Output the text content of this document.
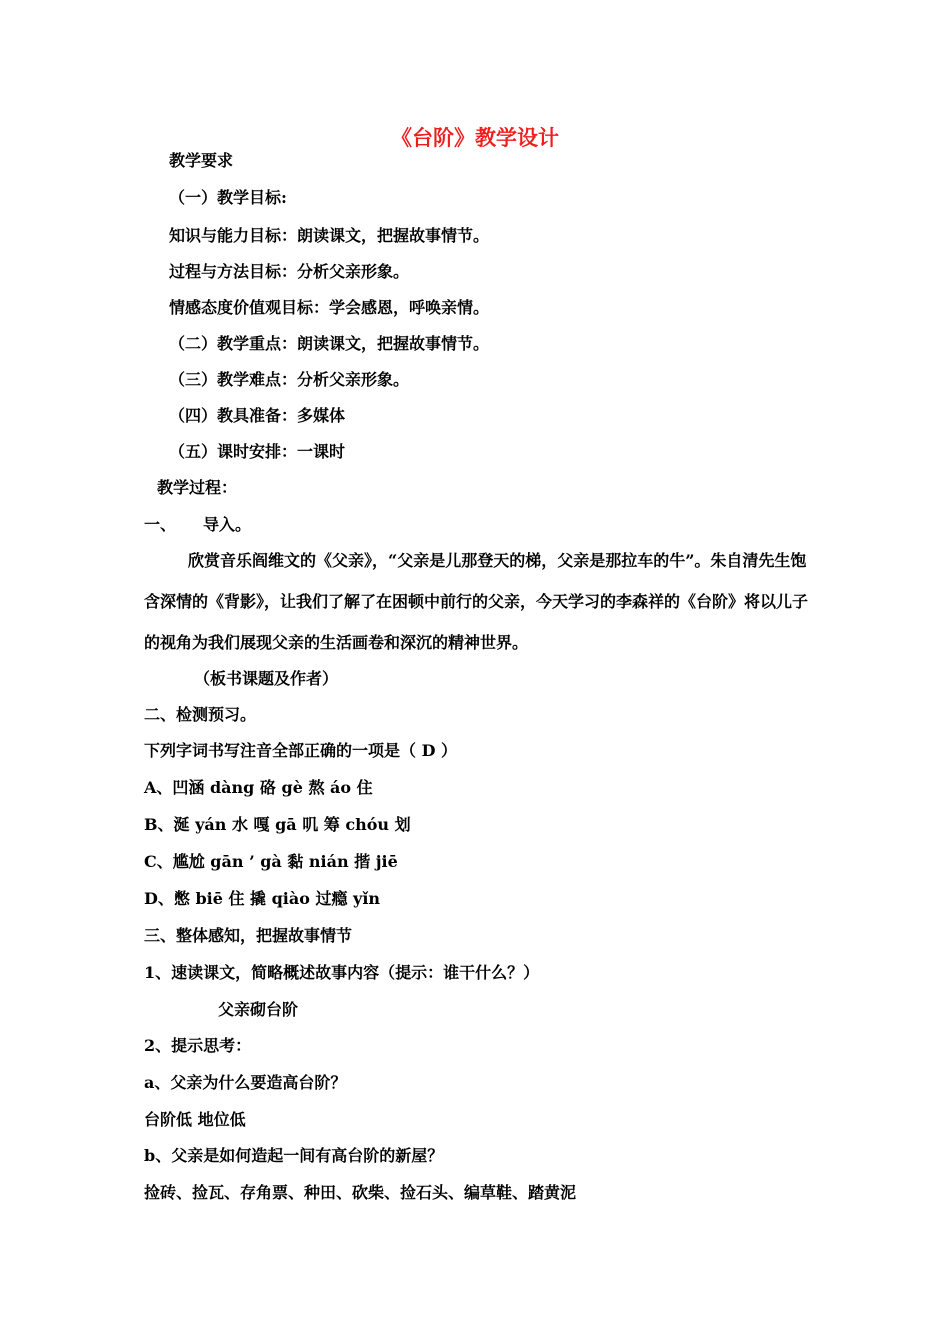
《台阶》教学设计
教学要求
（一）教学目标:
知识与能力目标：朗读课文，把握故事情节。
过程与方法目标：分析父亲形象。
情感态度价值观目标：学会感恩，呼唤亲情。
（二）教学重点：朗读课文，把握故事情节。
（三）教学难点：分析父亲形象。
（四）教具准备：多媒体
（五）课时安排：一课时
教学过程：
一、 导入。
欣赏音乐阎维文的《父亲》，“父亲是儿那登天的梯，父亲是那拉车的牛”。朱自清先生饱含深情的《背影》，让我们了解了在困顿中前行的父亲，今天学习的李森祥的《台阶》将以儿子的视角为我们展现父亲的生活画卷和深沉的精神世界。
（板书课题及作者）
二、检测预习。
下列字词书写注音全部正确的一项是（ D ）
A、凹涵 dàng 硌 gè 熬 áo 住
B、涎 yán 水 嘎 gā 叽 筹 chóu 划
C、尴尬 gān ’ gà 黏 nián 揩 jiē
D、憋 biē 住 撬 qiào 过瘾 yǐn
三、整体感知，把握故事情节
1、速读课文，简略概述故事内容（提示：谁干什么？）
父亲砌台阶
2、提示思考：
a、父亲为什么要造高台阶？
台阶低 地位低
b、父亲是如何造起一间有高台阶的新屋？
捡砖、捡瓦、存角票、种田、砍柴、捡石头、编草鞋、踏黄泥
